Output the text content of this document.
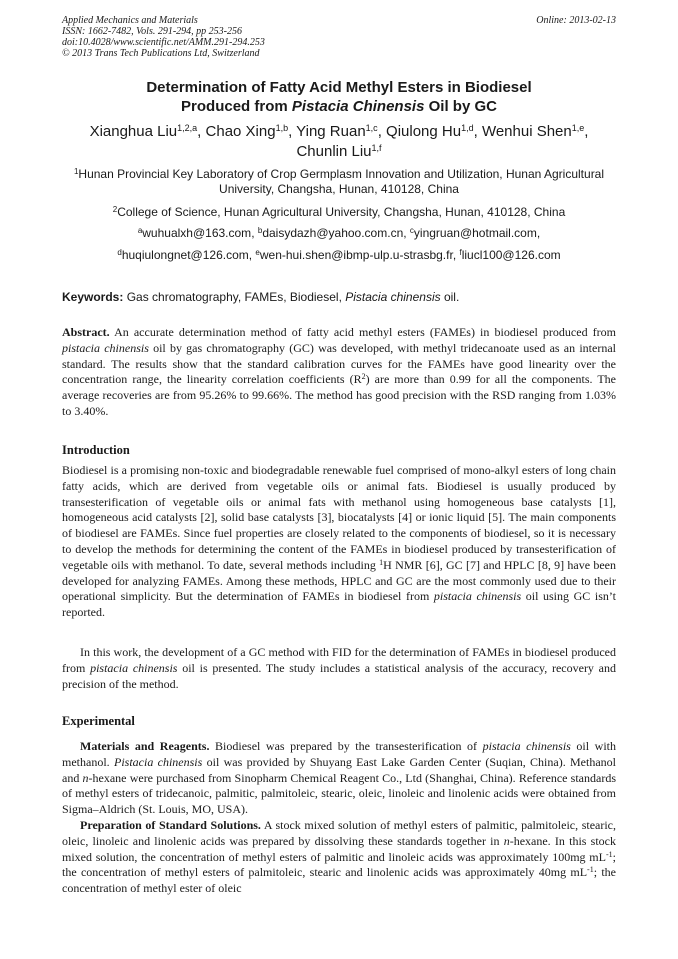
Applied Mechanics and Materials
ISSN: 1662-7482, Vols. 291-294, pp 253-256
doi:10.4028/www.scientific.net/AMM.291-294.253
© 2013 Trans Tech Publications Ltd, Switzerland
Online: 2013-02-13
Determination of Fatty Acid Methyl Esters in Biodiesel
Produced from Pistacia Chinensis Oil by GC
Xianghua Liu$^{1,2,a}$, Chao Xing$^{1,b}$, Ying Ruan$^{1,c}$, Qiulong Hu$^{1,d}$, Wenhui Shen$^{1,e}$,
Chunlin Liu$^{1,f}$
$^1$Hunan Provincial Key Laboratory of Crop Germplasm Innovation and Utilization, Hunan Agricultural University, Changsha, Hunan, 410128, China
$^2$College of Science, Hunan Agricultural University, Changsha, Hunan, 410128, China
$^a$wuhualxh@163.com, $^b$daisydazh@yahoo.com.cn, $^c$yingruan@hotmail.com,
$^d$huqiulongnet@126.com, $^e$wen-hui.shen@ibmp-ulp.u-strasbg.fr, $^f$liucl100@126.com
Keywords: Gas chromatography, FAMEs, Biodiesel, Pistacia chinensis oil.
Abstract. An accurate determination method of fatty acid methyl esters (FAMEs) in biodiesel produced from pistacia chinensis oil by gas chromatography (GC) was developed, with methyl tridecanoate used as an internal standard. The results show that the standard calibration curves for the FAMEs have good linearity over the concentration range, the linearity correlation coefficients $(R^2)$ are more than 0.99 for all the components. The average recoveries are from 95.26% to 99.66%. The method has good precision with the RSD ranging from 1.03% to 3.40%.
Introduction
Biodiesel is a promising non-toxic and biodegradable renewable fuel comprised of mono-alkyl esters of long chain fatty acids, which are derived from vegetable oils or animal fats. Biodiesel is usually produced by transesterification of vegetable oils or animal fats with methanol using homogeneous base catalysts [1], homogeneous acid catalysts [2], solid base catalysts [3], biocatalysts [4] or ionic liquid [5]. The main components of biodiesel are FAMEs. Since fuel properties are closely related to the components of biodiesel, so it is necessary to develop the methods for determining the content of the FAMEs in biodiesel produced by transesterification of vegetable oils with methanol. To date, several methods including $^1$H NMR [6], GC [7] and HPLC [8, 9] have been developed for analyzing FAMEs. Among these methods, HPLC and GC are the most commonly used due to their operational simplicity. But the determination of FAMEs in biodiesel from pistacia chinensis oil using GC isn’t reported.
In this work, the development of a GC method with FID for the determination of FAMEs in biodiesel produced from pistacia chinensis oil is presented. The study includes a statistical analysis of the accuracy, recovery and precision of the method.
Experimental
Materials and Reagents. Biodiesel was prepared by the transesterification of pistacia chinensis oil with methanol. Pistacia chinensis oil was provided by Shuyang East Lake Garden Center (Suqian, China). Methanol and n-hexane were purchased from Sinopharm Chemical Reagent Co., Ltd (Shanghai, China). Reference standards of methyl esters of tridecanoic, palmitic, palmitoleic, stearic, oleic, linoleic and linolenic acids were obtained from Sigma–Aldrich (St. Louis, MO, USA).
Preparation of Standard Solutions. A stock mixed solution of methyl esters of palmitic, palmitoleic, stearic, oleic, linoleic and linolenic acids was prepared by dissolving these standards together in n-hexane. In this stock mixed solution, the concentration of methyl esters of palmitic and linoleic acids was approximately 100mg $mL^{-1}$; the concentration of methyl esters of palmitoleic, stearic and linolenic acids was approximately 40mg $mL^{-1}$; the concentration of methyl ester of oleic
